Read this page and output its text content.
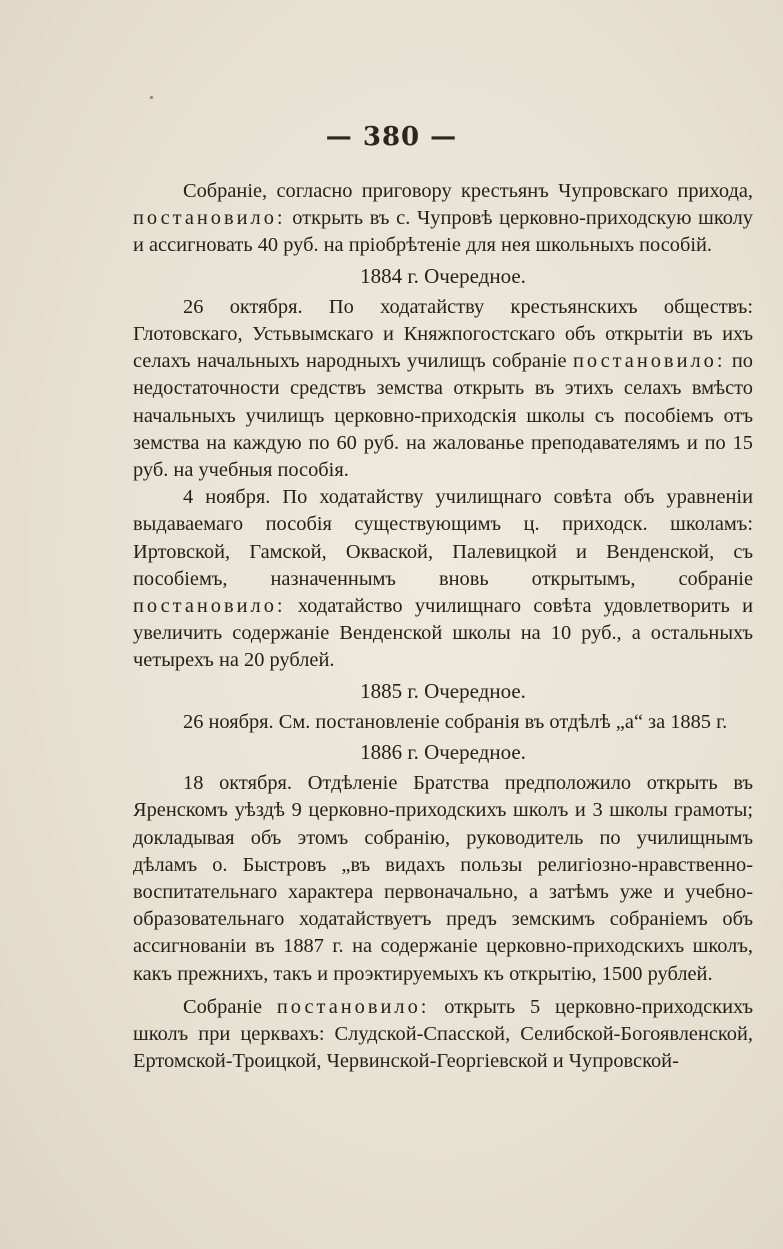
— 380 —

Собраніе, согласно приговору крестьянъ Чупровскаго прихода, постановило: открыть въ с. Чупровѣ церковно-приходскую школу и ассигновать 40 руб. на пріобрѣтеніе для нея школьныхъ пособій.

1884 г. Очередное.

26 октября. По ходатайству крестьянскихъ обществъ: Глотовскаго, Устьвымскаго и Княжпогостскаго объ открытіи въ ихъ селахъ начальныхъ народныхъ училищъ собраніе постановило: по недостаточности средствъ земства открыть въ этихъ селахъ вмѣсто начальныхъ училищъ церковно-приходскія школы съ пособіемъ отъ земства на каждую по 60 руб. на жалованье преподавателямъ и по 15 руб. на учебныя пособія.

4 ноября. По ходатайству училищнаго совѣта объ уравненіи выдаваемаго пособія существующимъ ц. приходск. школамъ: Иртовской, Гамской, Окваской, Палевицкой и Венденской, съ пособіемъ, назначеннымъ вновь открытымъ, собраніе постановило: ходатайство училищнаго совѣта удовлетворить и увеличить содержаніе Венденской школы на 10 руб., а остальныхъ четырехъ на 20 рублей.

1885 г. Очередное.

26 ноября. См. постановленіе собранія въ отдѣлѣ „а“ за 1885 г.

1886 г. Очередное.

18 октября. Отдѣленіе Братства предположило открыть въ Яренскомъ уѣздѣ 9 церковно-приходскихъ школъ и 3 школы грамоты; докладывая объ этомъ собранію, руководитель по училищнымъ дѣламъ о. Быстровъ „въ видахъ пользы религіозно-нравственно-воспитательнаго характера первоначально, а затѣмъ уже и учебно-образовательнаго ходатайствуетъ предъ земскимъ собраніемъ объ ассигнованіи въ 1887 г. на содержаніе церковно-приходскихъ школъ, какъ прежнихъ, такъ и проэктируемыхъ къ открытію, 1500 рублей.

Собраніе постановило: открыть 5 церковно-приходскихъ школъ при церквахъ: Слудской-Спасской, Селибской-Богоявленской, Ертомской-Троицкой, Червинской-Георгіевской и Чупровской-
